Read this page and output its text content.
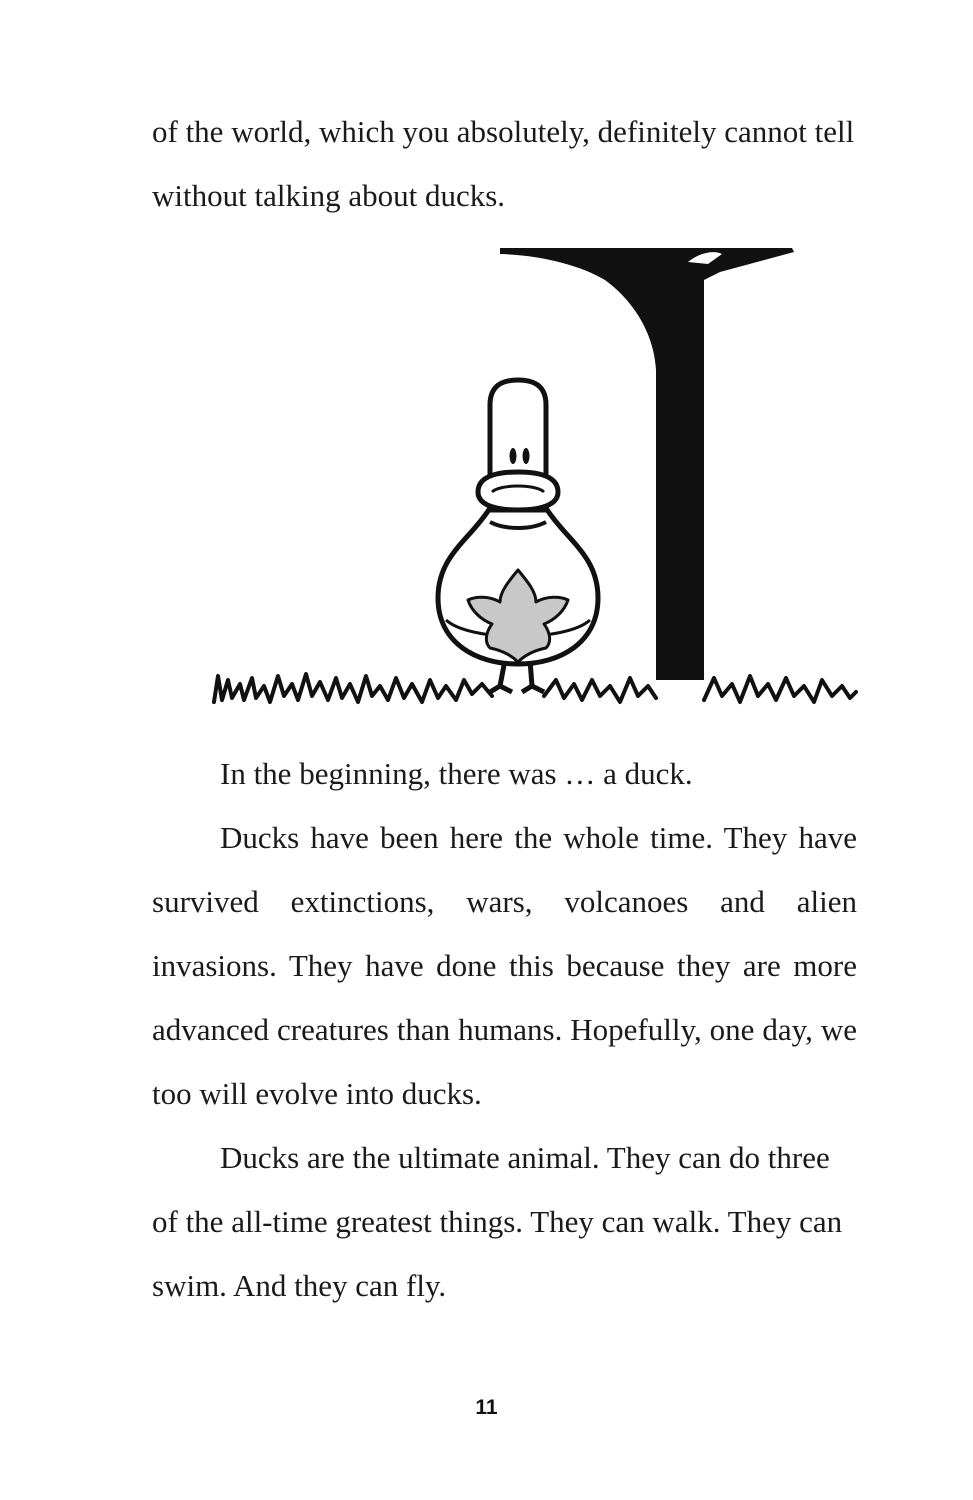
of the world, which you absolutely, definitely cannot tell without talking about ducks.

In the beginning, there was … a duck.

Ducks have been here the whole time. They have survived extinctions, wars, volcanoes and alien invasions. They have done this because they are more advanced creatures than humans. Hopefully, one day, we too will evolve into ducks.

Ducks are the ultimate animal. They can do three of the all-time greatest things. They can walk. They can swim. And they can fly.

11
